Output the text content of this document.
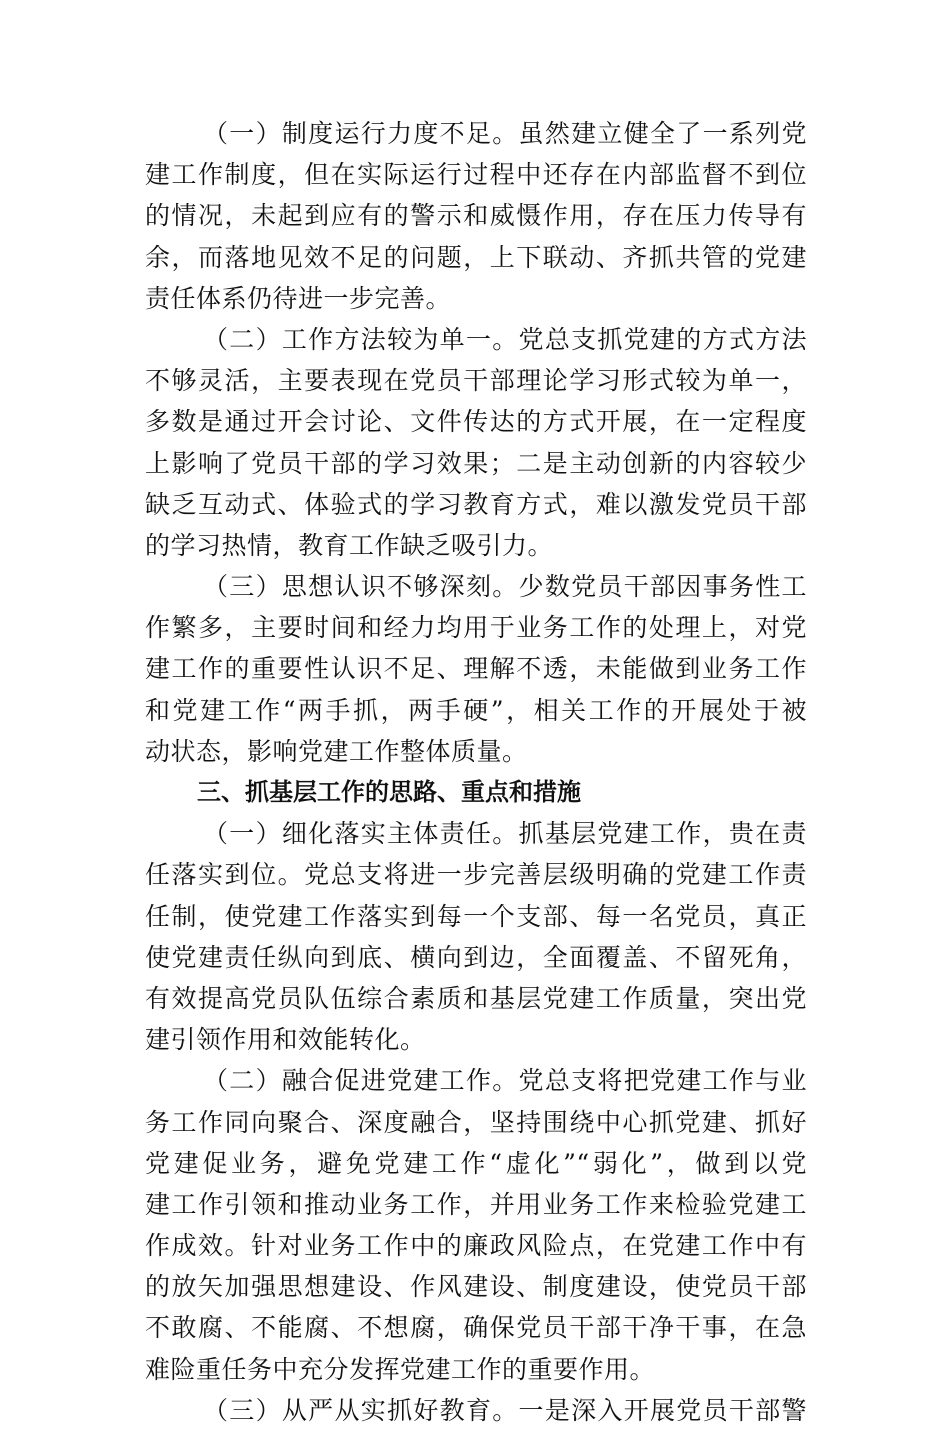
（一）制度运行力度不足。虽然建立健全了一系列党
建工作制度，但在实际运行过程中还存在内部监督不到位
的情况，未起到应有的警示和威慑作用，存在压力传导有
余，而落地见效不足的问题，上下联动、齐抓共管的党建
责任体系仍待进一步完善。
（二）工作方法较为单一。党总支抓党建的方式方法
不够灵活，主要表现在党员干部理论学习形式较为单一，
多数是通过开会讨论、文件传达的方式开展，在一定程度
上影响了党员干部的学习效果；二是主动创新的内容较少
缺乏互动式、体验式的学习教育方式，难以激发党员干部
的学习热情，教育工作缺乏吸引力。
（三）思想认识不够深刻。少数党员干部因事务性工
作繁多，主要时间和经力均用于业务工作的处理上，对党
建工作的重要性认识不足、理解不透，未能做到业务工作
和党建工作“两手抓，两手硬”，相关工作的开展处于被
动状态，影响党建工作整体质量。
三、抓基层工作的思路、重点和措施
（一）细化落实主体责任。抓基层党建工作，贵在责
任落实到位。党总支将进一步完善层级明确的党建工作责
任制，使党建工作落实到每一个支部、每一名党员，真正
使党建责任纵向到底、横向到边，全面覆盖、不留死角，
有效提高党员队伍综合素质和基层党建工作质量，突出党
建引领作用和效能转化。
（二）融合促进党建工作。党总支将把党建工作与业
务工作同向聚合、深度融合，坚持围绕中心抓党建、抓好
党建促业务，避免党建工作“虚化”“弱化”，做到以党
建工作引领和推动业务工作，并用业务工作来检验党建工
作成效。针对业务工作中的廉政风险点，在党建工作中有
的放矢加强思想建设、作风建设、制度建设，使党员干部
不敢腐、不能腐、不想腐，确保党员干部干净干事，在急
难险重任务中充分发挥党建工作的重要作用。
（三）从严从实抓好教育。一是深入开展党员干部警
